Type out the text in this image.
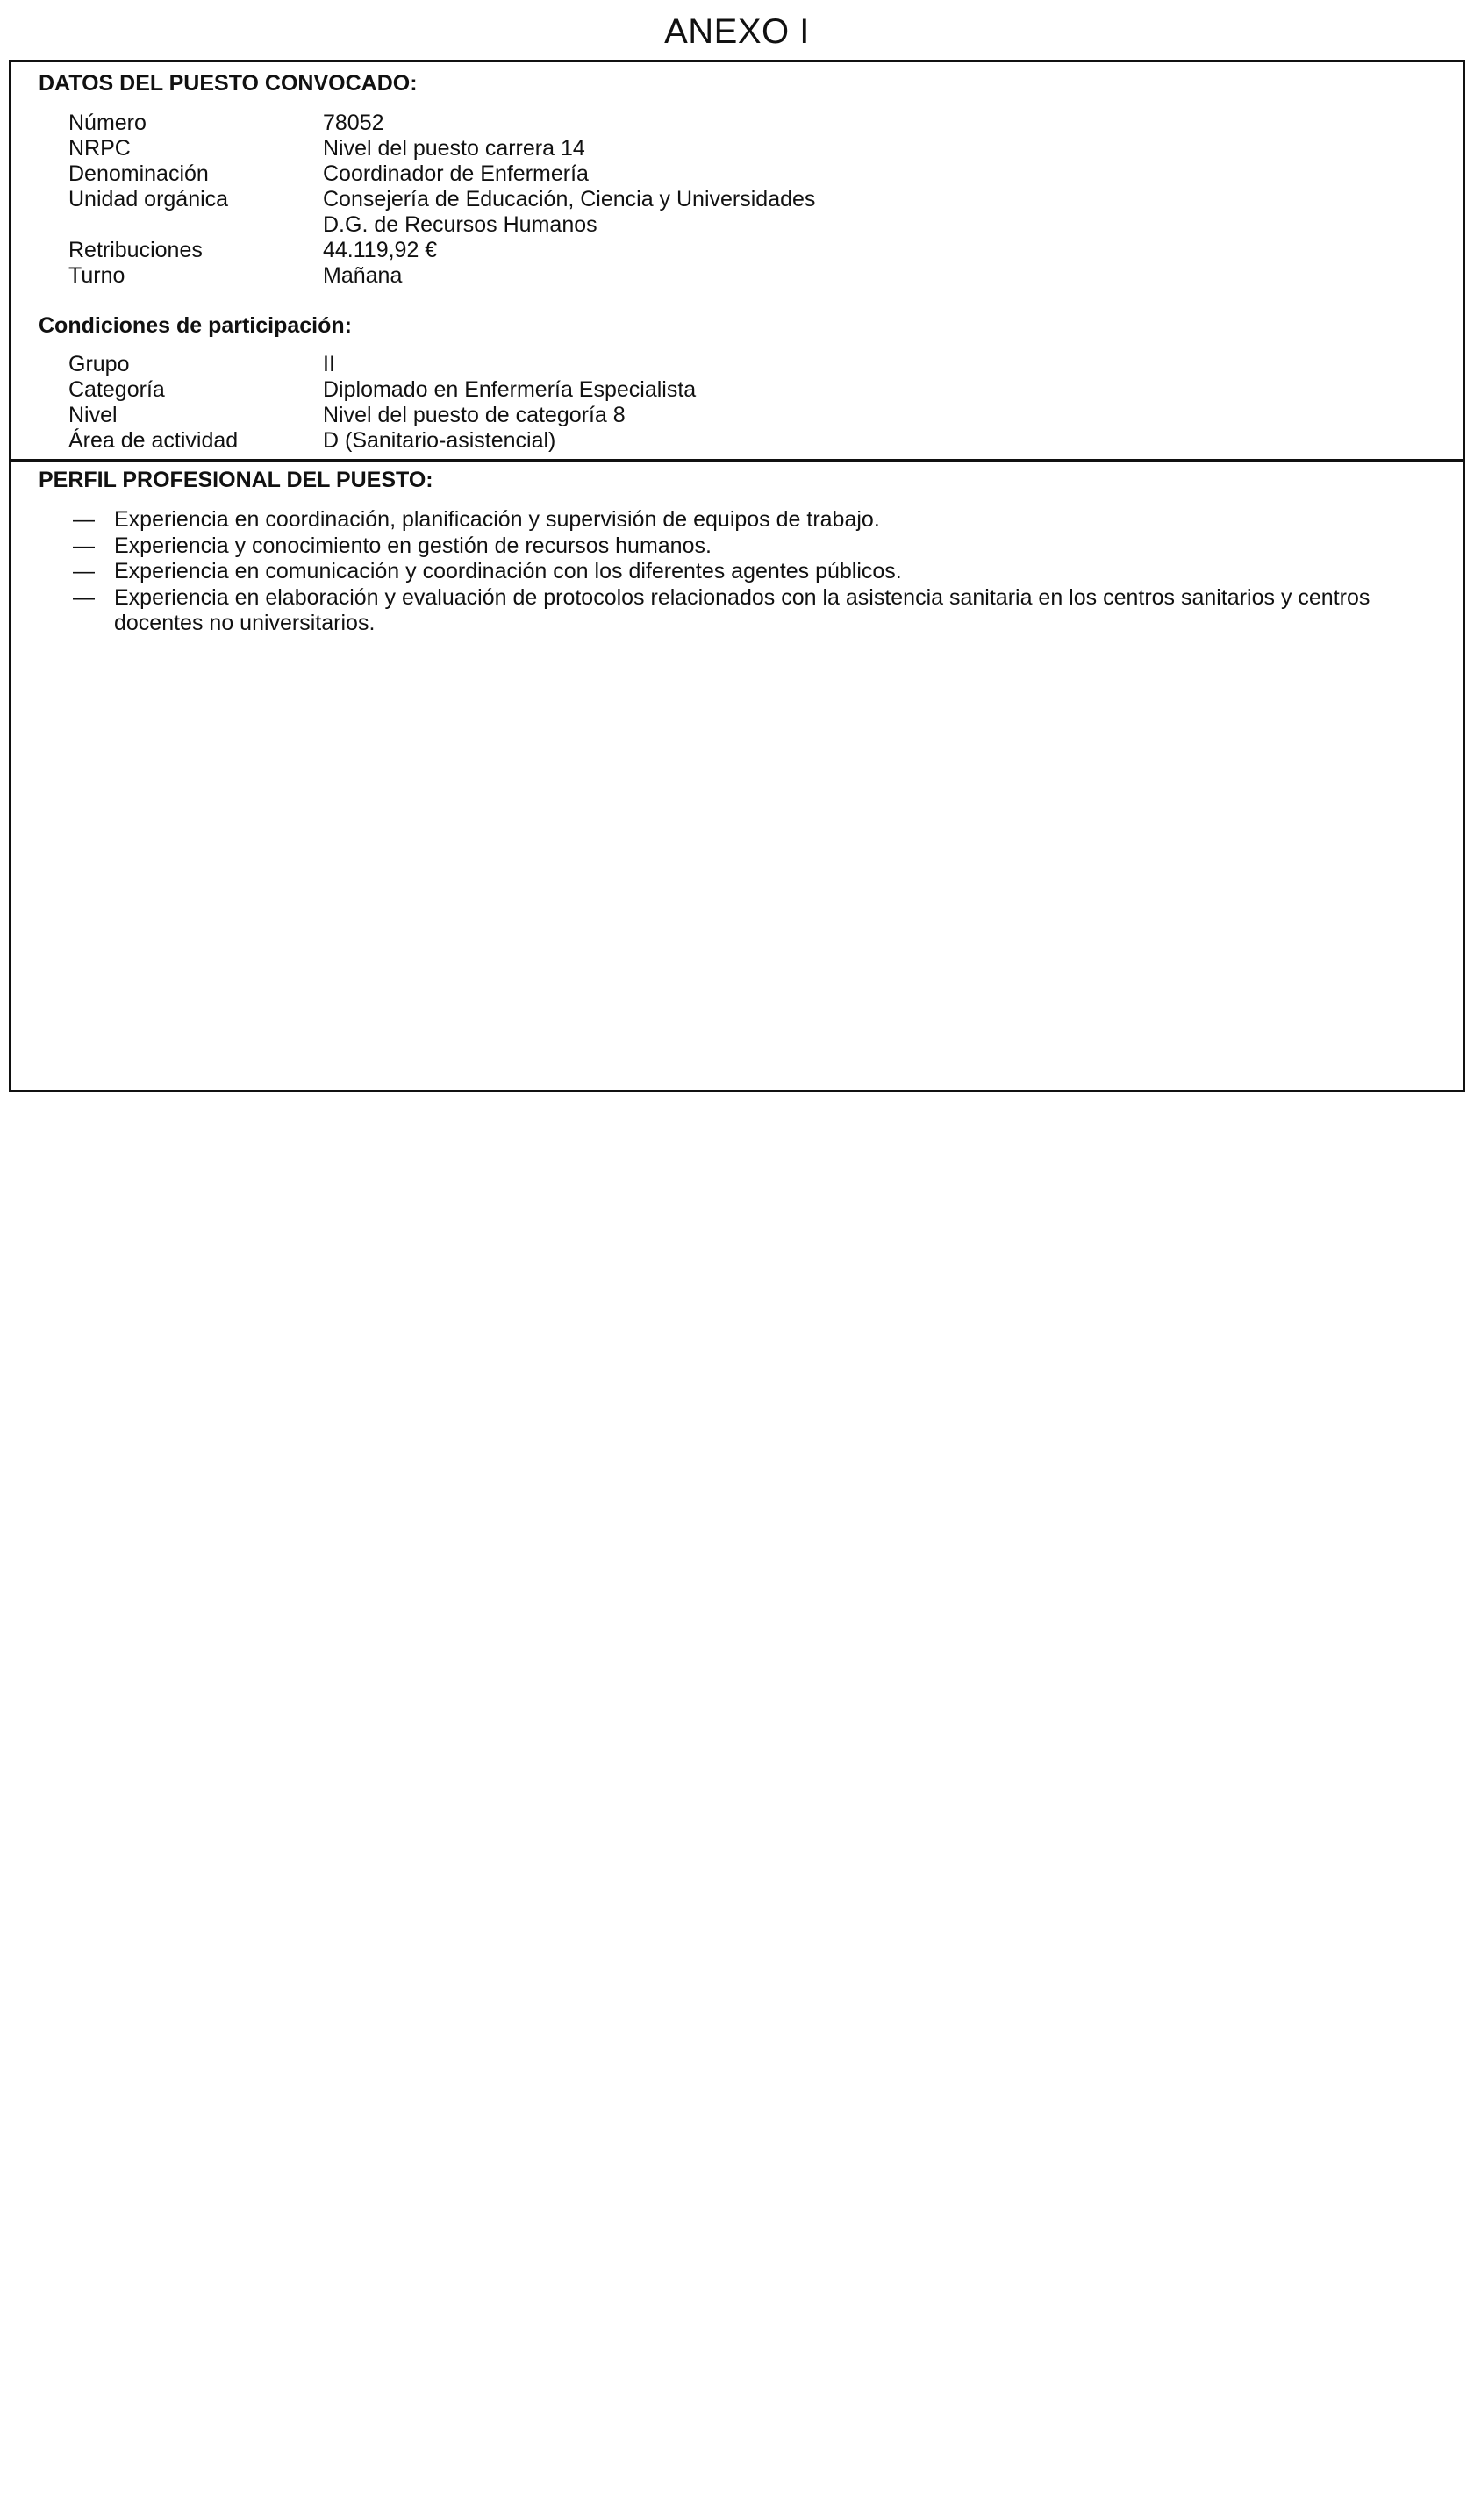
ANEXO I
DATOS DEL PUESTO CONVOCADO:
Número	78052
NRPC	Nivel del puesto carrera 14
Denominación	Coordinador de Enfermería
Unidad orgánica	Consejería de Educación, Ciencia y Universidades
D.G. de Recursos Humanos
Retribuciones	44.119,92 €
Turno	Mañana
Condiciones de participación:
Grupo	II
Categoría	Diplomado en Enfermería Especialista
Nivel	Nivel del puesto de categoría 8
Área de actividad	D (Sanitario-asistencial)
PERFIL PROFESIONAL DEL PUESTO:
— Experiencia en coordinación, planificación y supervisión de equipos de trabajo.
— Experiencia y conocimiento en gestión de recursos humanos.
— Experiencia en comunicación y coordinación con los diferentes agentes públicos.
— Experiencia en elaboración y evaluación de protocolos relacionados con la asistencia sanitaria en los centros sanitarios y centros docentes no universitarios.
